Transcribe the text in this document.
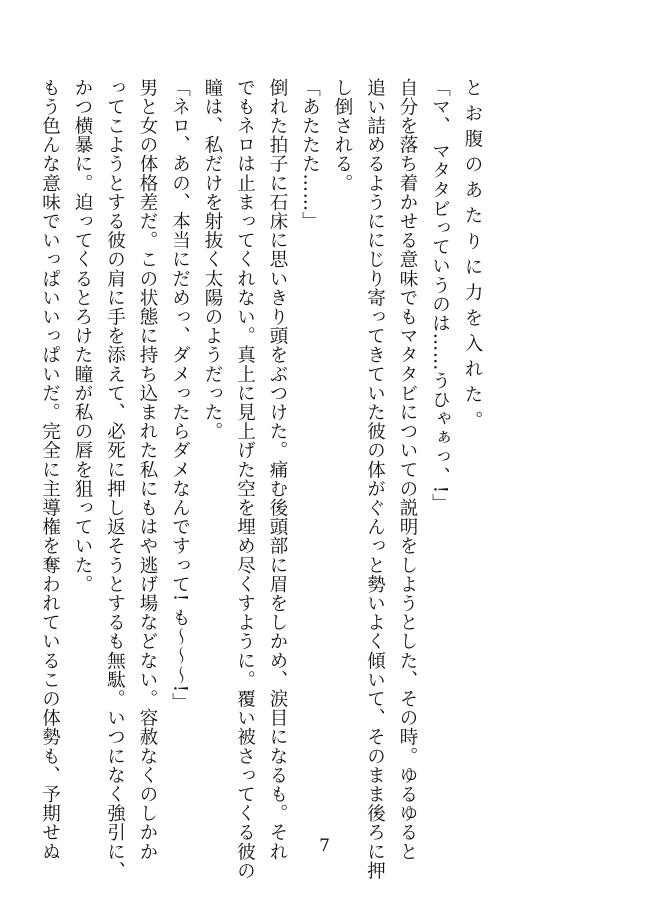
と お 腹 の あ た り に 力 を 入 れ た 。
「マ、 マタタビっていうのは……うひゃぁっ、!」
自分を落ち着かせる意味でもマタタビについての説明をしようとした、その時。ゆるゆると
追い詰めるようににじり寄ってきていた彼の体がぐんっと勢いよく傾いて、そのまま後ろに押
し倒される。
「あたたた……」
倒れた拍子に石床に思いきり頭をぶつけた。痛む後頭部に眉をしかめ、涙目になるも。それ
でもネロは止まってくれない。真上に見上げた空を埋め尽くすように。覆い被さってくる彼の
瞳は、私だけを射抜く太陽のようだった。
「ネロ、あの、本当にだめっ、ダメったらダメなんですって! も〜〜〜!」
男と女の体格差だ。この状態に持ち込まれた私にもはや逃げ場などない。容赦なくのしかか
ってこようとする彼の肩に手を添えて、必死に押し返そうとするも無駄。いつになく強引に、
かつ横暴に。迫ってくるとろけた瞳が私の唇を狙っていた。
もう色んな意味でいっぱいいっぱいだ。完全に主導権を奪われているこの体勢も、予期せぬ	7
